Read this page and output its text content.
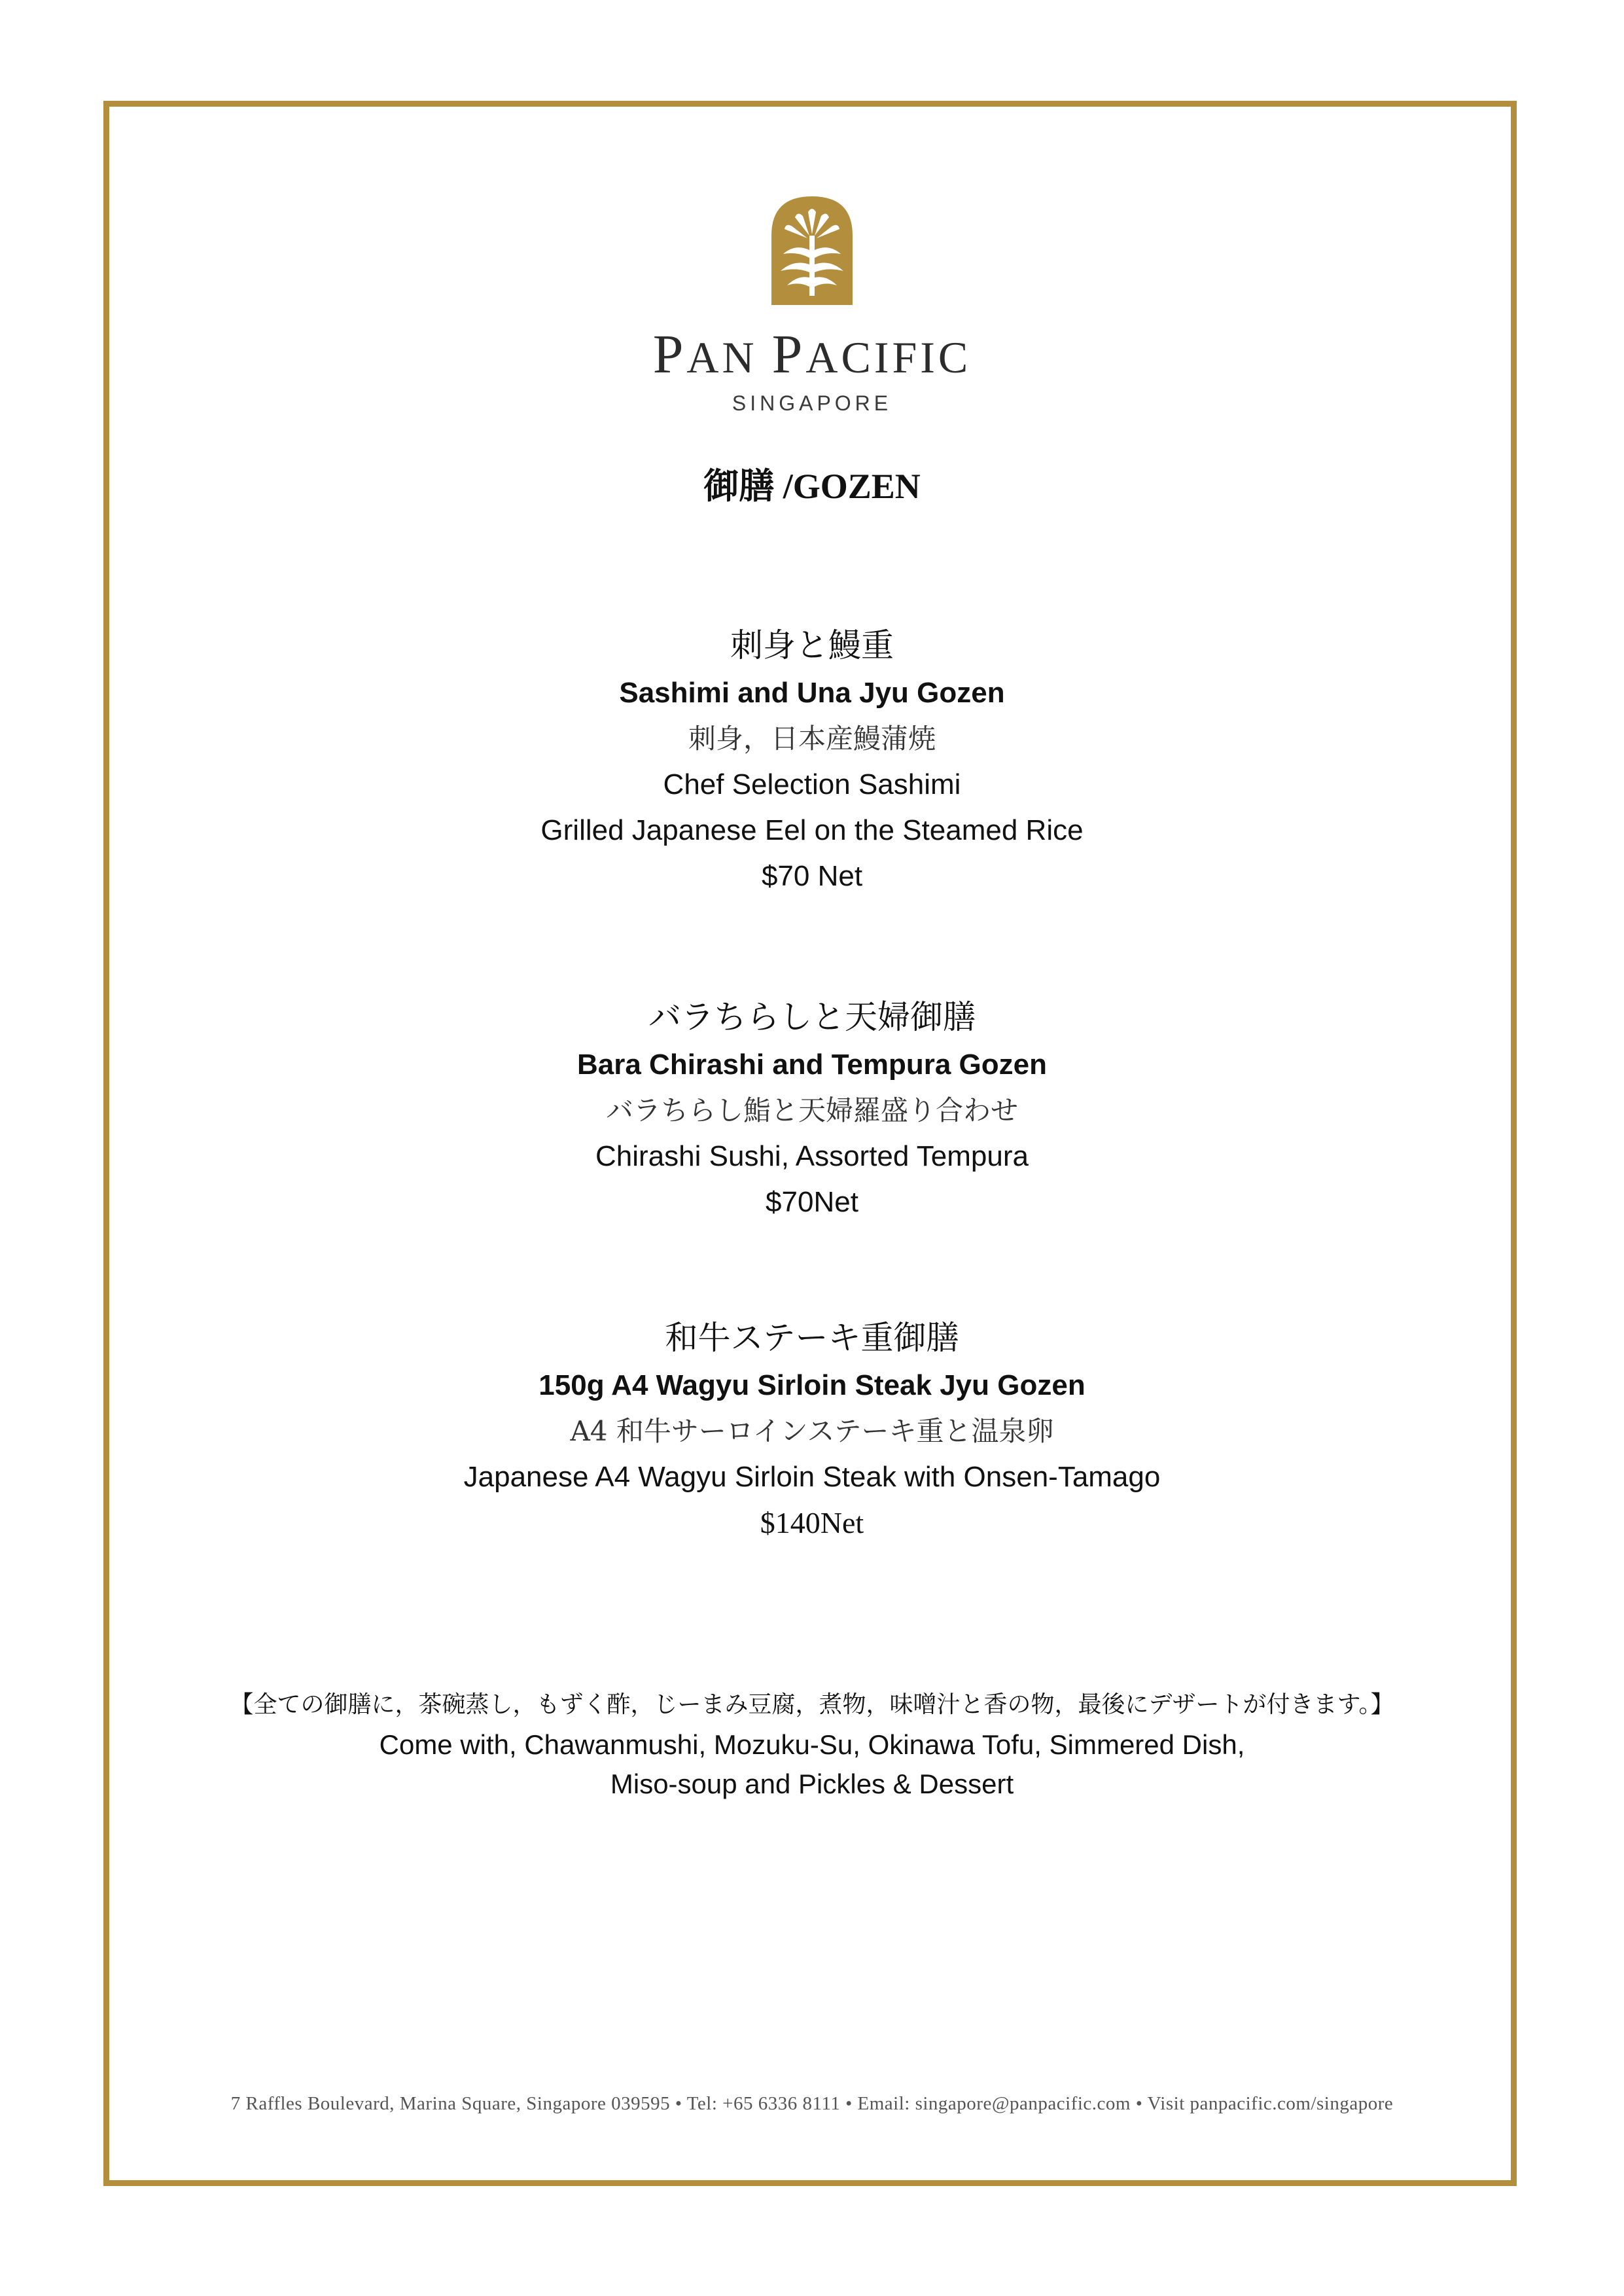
PAN PACIFIC
SINGAPORE
御膳 /GOZEN
刺身と鰻重
Sashimi and Una Jyu Gozen
刺身，日本産鰻蒲焼
Chef Selection Sashimi
Grilled Japanese Eel on the Steamed Rice
$70 Net
バラちらしと天婦御膳
Bara Chirashi and Tempura Gozen
バラちらし鮨と天婦羅盛り合わせ
Chirashi Sushi, Assorted Tempura
$70Net
和牛ステーキ重御膳
150g A4 Wagyu Sirloin Steak Jyu Gozen
A4 和牛サーロインステーキ重と温泉卵
Japanese A4 Wagyu Sirloin Steak with Onsen-Tamago
$140Net
【全ての御膳に，茶碗蒸し，もずく酢，じーまみ豆腐，煮物，味噌汁と香の物，最後にデザートが付きます。】
Come with, Chawanmushi, Mozuku-Su, Okinawa Tofu, Simmered Dish,
Miso-soup and Pickles & Dessert
7 Raffles Boulevard, Marina Square, Singapore 039595 • Tel: +65 6336 8111 • Email: singapore@panpacific.com • Visit panpacific.com/singapore
